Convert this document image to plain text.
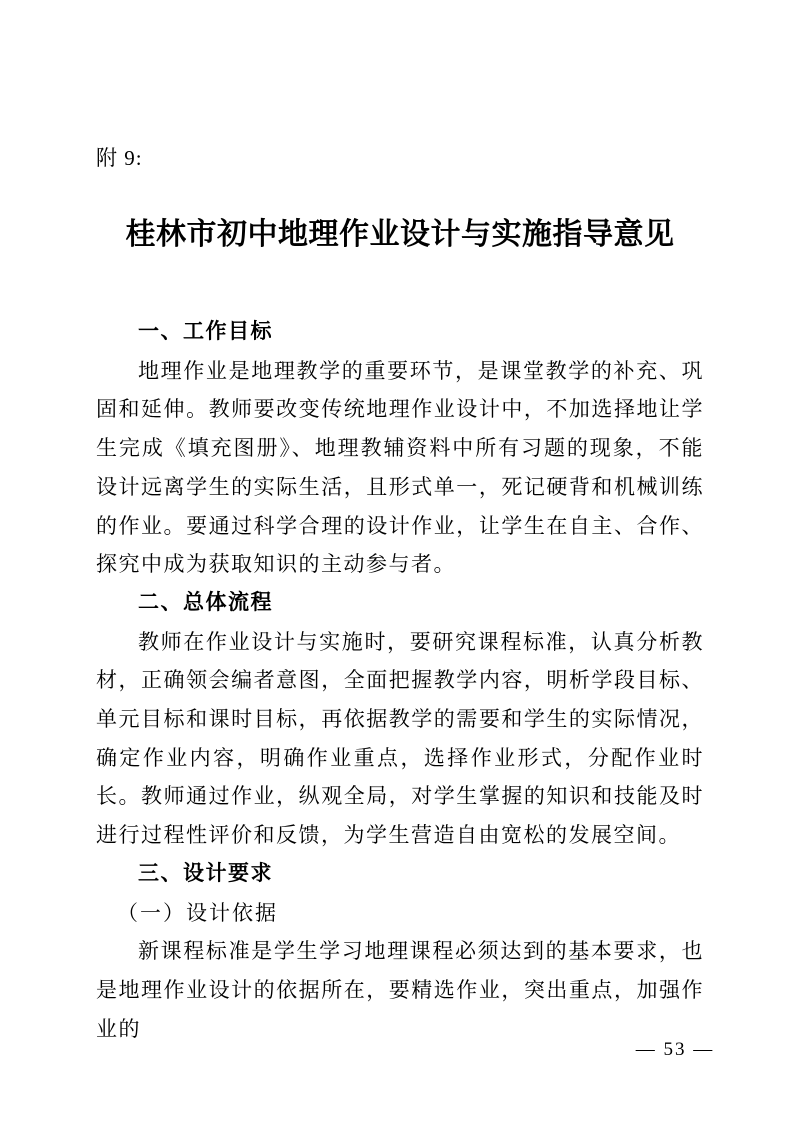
附 9:
桂林市初中地理作业设计与实施指导意见
一、工作目标

地理作业是地理教学的重要环节，是课堂教学的补充、巩固和延伸。教师要改变传统地理作业设计中，不加选择地让学生完成《填充图册》、地理教辅资料中所有习题的现象，不能设计远离学生的实际生活，且形式单一，死记硬背和机械训练的作业。要通过科学合理的设计作业，让学生在自主、合作、探究中成为获取知识的主动参与者。

二、总体流程

教师在作业设计与实施时，要研究课程标准，认真分析教材，正确领会编者意图，全面把握教学内容，明析学段目标、单元目标和课时目标，再依据教学的需要和学生的实际情况，确定作业内容，明确作业重点，选择作业形式，分配作业时长。教师通过作业，纵观全局，对学生掌握的知识和技能及时进行过程性评价和反馈，为学生营造自由宽松的发展空间。

三、设计要求
（一）设计依据

新课程标准是学生学习地理课程必须达到的基本要求，也是地理作业设计的依据所在，要精选作业，突出重点，加强作业的

— 53 —
